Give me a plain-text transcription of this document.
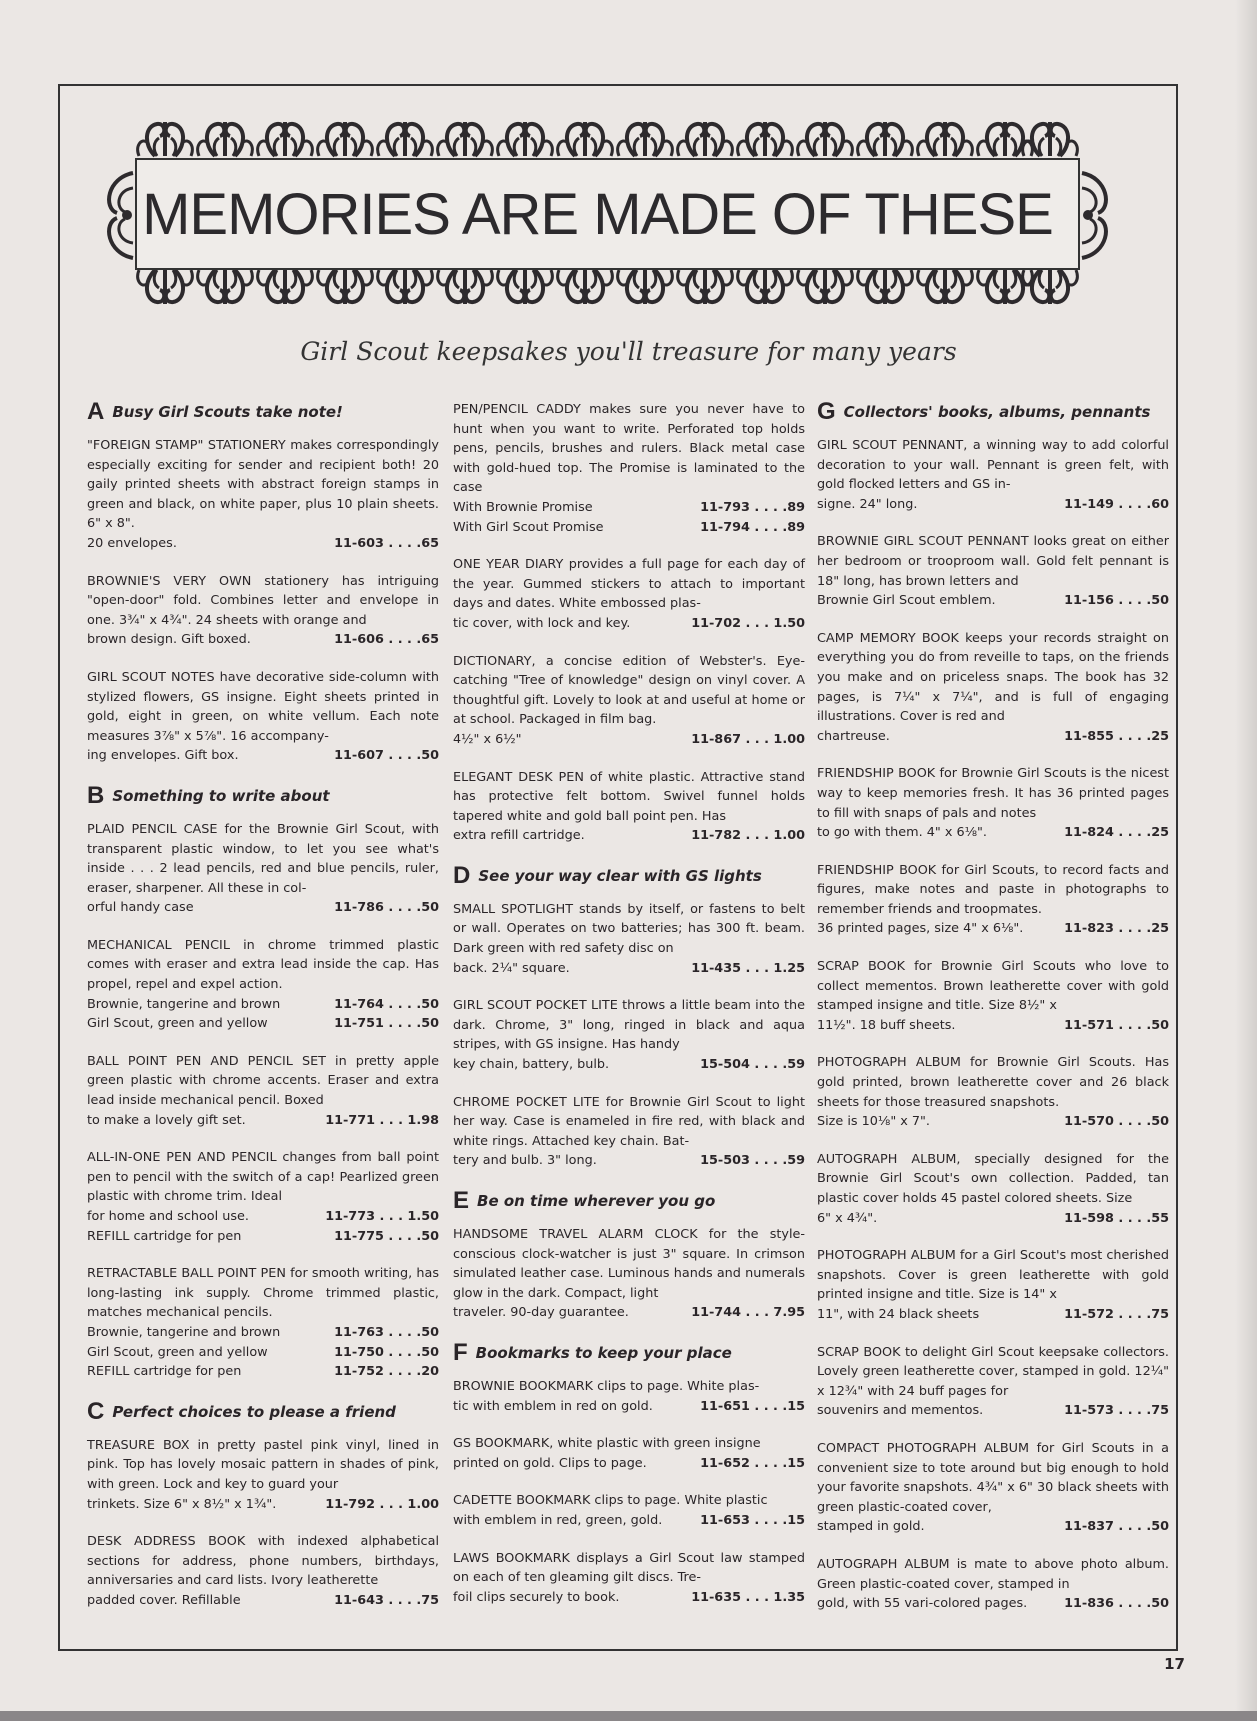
MEMORIES ARE MADE OF THESE
Girl Scout keepsakes you'll treasure for many years
A Busy Girl Scouts take note!
"FOREIGN STAMP" STATIONERY makes correspondingly especially exciting for sender and recipient both! 20 gaily printed sheets with abstract foreign stamps in green and black, on white paper, plus 10 plain sheets. 6" x 8".
20 envelopes.	11-603 . . . .65
BROWNIE'S VERY OWN stationery has intriguing "open-door" fold. Combines letter and envelope in one. 3¾" x 4¾". 24 sheets with orange and
brown design. Gift boxed.	11-606 . . . .65
GIRL SCOUT NOTES have decorative side-column with stylized flowers, GS insigne. Eight sheets printed in gold, eight in green, on white vellum. Each note measures 3⅞" x 5⅞". 16 accompany-
ing envelopes. Gift box.	11-607 . . . .50
B Something to write about
PLAID PENCIL CASE for the Brownie Girl Scout, with transparent plastic window, to let you see what's inside . . . 2 lead pencils, red and blue pencils, ruler, eraser, sharpener. All these in col-
orful handy case	11-786 . . . .50
MECHANICAL PENCIL in chrome trimmed plastic comes with eraser and extra lead inside the cap. Has propel, repel and expel action.
Brownie, tangerine and brown	11-764 . . . .50
Girl Scout, green and yellow	11-751 . . . .50
BALL POINT PEN AND PENCIL SET in pretty apple green plastic with chrome accents. Eraser and extra lead inside mechanical pencil. Boxed
to make a lovely gift set.	11-771 . . . 1.98
ALL-IN-ONE PEN AND PENCIL changes from ball point pen to pencil with the switch of a cap! Pearlized green plastic with chrome trim. Ideal
for home and school use.	11-773 . . . 1.50
REFILL cartridge for pen	11-775 . . . .50
RETRACTABLE BALL POINT PEN for smooth writing, has long-lasting ink supply. Chrome trimmed plastic, matches mechanical pencils.
Brownie, tangerine and brown	11-763 . . . .50
Girl Scout, green and yellow	11-750 . . . .50
REFILL cartridge for pen	11-752 . . . .20
C Perfect choices to please a friend
TREASURE BOX in pretty pastel pink vinyl, lined in pink. Top has lovely mosaic pattern in shades of pink, with green. Lock and key to guard your
trinkets. Size 6" x 8½" x 1¾".	11-792 . . . 1.00
DESK ADDRESS BOOK with indexed alphabetical sections for address, phone numbers, birthdays, anniversaries and card lists. Ivory leatherette
padded cover. Refillable	11-643 . . . .75
PEN/PENCIL CADDY makes sure you never have to hunt when you want to write. Perforated top holds pens, pencils, brushes and rulers. Black metal case with gold-hued top. The Promise is laminated to the case
With Brownie Promise	11-793 . . . .89
With Girl Scout Promise	11-794 . . . .89
ONE YEAR DIARY provides a full page for each day of the year. Gummed stickers to attach to important days and dates. White embossed plas-
tic cover, with lock and key.	11-702 . . . 1.50
DICTIONARY, a concise edition of Webster's. Eye-catching "Tree of knowledge" design on vinyl cover. A thoughtful gift. Lovely to look at and useful at home or at school. Packaged in film bag.
4½" x 6½"	11-867 . . . 1.00
ELEGANT DESK PEN of white plastic. Attractive stand has protective felt bottom. Swivel funnel holds tapered white and gold ball point pen. Has
extra refill cartridge.	11-782 . . . 1.00
D See your way clear with GS lights
SMALL SPOTLIGHT stands by itself, or fastens to belt or wall. Operates on two batteries; has 300 ft. beam. Dark green with red safety disc on
back. 2¼" square.	11-435 . . . 1.25
GIRL SCOUT POCKET LITE throws a little beam into the dark. Chrome, 3" long, ringed in black and aqua stripes, with GS insigne. Has handy
key chain, battery, bulb.	15-504 . . . .59
CHROME POCKET LITE for Brownie Girl Scout to light her way. Case is enameled in fire red, with black and white rings. Attached key chain. Bat-
tery and bulb. 3" long.	15-503 . . . .59
E Be on time wherever you go
HANDSOME TRAVEL ALARM CLOCK for the style-conscious clock-watcher is just 3" square. In crimson simulated leather case. Luminous hands and numerals glow in the dark. Compact, light
traveler. 90-day guarantee.	11-744 . . . 7.95
F Bookmarks to keep your place
BROWNIE BOOKMARK clips to page. White plas-
tic with emblem in red on gold.	11-651 . . . .15
GS BOOKMARK, white plastic with green insigne
printed on gold. Clips to page.	11-652 . . . .15
CADETTE BOOKMARK clips to page. White plastic
with emblem in red, green, gold.	11-653 . . . .15
LAWS BOOKMARK displays a Girl Scout law stamped on each of ten gleaming gilt discs. Tre-
foil clips securely to book.	11-635 . . . 1.35
G Collectors' books, albums, pennants
GIRL SCOUT PENNANT, a winning way to add colorful decoration to your wall. Pennant is green felt, with gold flocked letters and GS in-
signe. 24" long.	11-149 . . . .60
BROWNIE GIRL SCOUT PENNANT looks great on either her bedroom or trooproom wall. Gold felt pennant is 18" long, has brown letters and
Brownie Girl Scout emblem.	11-156 . . . .50
CAMP MEMORY BOOK keeps your records straight on everything you do from reveille to taps, on the friends you make and on priceless snaps. The book has 32 pages, is 7¼" x 7¼", and is full of engaging illustrations. Cover is red and
chartreuse.	11-855 . . . .25
FRIENDSHIP BOOK for Brownie Girl Scouts is the nicest way to keep memories fresh. It has 36 printed pages to fill with snaps of pals and notes
to go with them. 4" x 6⅛".	11-824 . . . .25
FRIENDSHIP BOOK for Girl Scouts, to record facts and figures, make notes and paste in photographs to remember friends and troopmates.
36 printed pages, size 4" x 6⅛".	11-823 . . . .25
SCRAP BOOK for Brownie Girl Scouts who love to collect mementos. Brown leatherette cover with gold stamped insigne and title. Size 8½" x
11½". 18 buff sheets.	11-571 . . . .50
PHOTOGRAPH ALBUM for Brownie Girl Scouts. Has gold printed, brown leatherette cover and 26 black sheets for those treasured snapshots.
Size is 10⅛" x 7".	11-570 . . . .50
AUTOGRAPH ALBUM, specially designed for the Brownie Girl Scout's own collection. Padded, tan plastic cover holds 45 pastel colored sheets. Size
6" x 4¾".	11-598 . . . .55
PHOTOGRAPH ALBUM for a Girl Scout's most cherished snapshots. Cover is green leatherette with gold printed insigne and title. Size is 14" x
11", with 24 black sheets	11-572 . . . .75
SCRAP BOOK to delight Girl Scout keepsake collectors. Lovely green leatherette cover, stamped in gold. 12¼" x 12¾" with 24 buff pages for
souvenirs and mementos.	11-573 . . . .75
COMPACT PHOTOGRAPH ALBUM for Girl Scouts in a convenient size to tote around but big enough to hold your favorite snapshots. 4¾" x 6" 30 black sheets with green plastic-coated cover,
stamped in gold.	11-837 . . . .50
AUTOGRAPH ALBUM is mate to above photo album. Green plastic-coated cover, stamped in
gold, with 55 vari-colored pages.	11-836 . . . .50
17
